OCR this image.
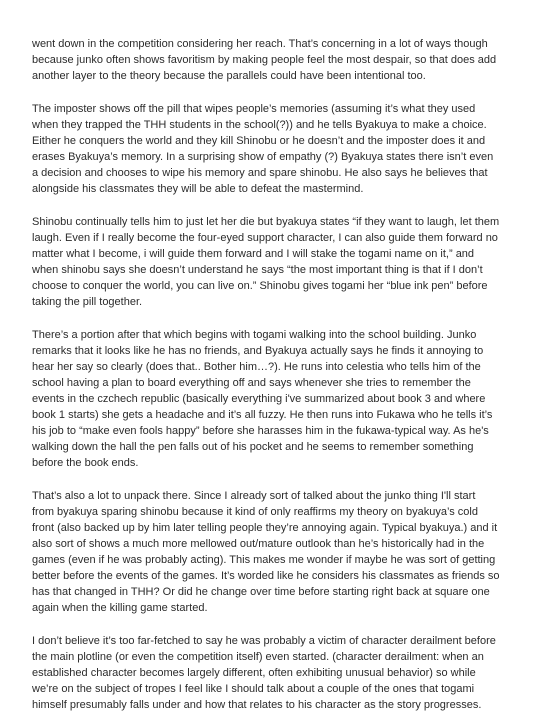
went down in the competition considering her reach. That’s concerning in a lot of ways though
because junko often shows favoritism by making people feel the most despair, so that does add
another layer to the theory because the parallels could have been intentional too.

The imposter shows off the pill that wipes people’s memories (assuming it’s what they used
when they trapped the THH students in the school(?)) and he tells Byakuya to make a choice.
Either he conquers the world and they kill Shinobu or he doesn’t and the imposter does it and
erases Byakuya’s memory. In a surprising show of empathy (?) Byakuya states there isn’t even
a decision and chooses to wipe his memory and spare shinobu. He also says he believes that
alongside his classmates they will be able to defeat the mastermind.

Shinobu continually tells him to just let her die but byakuya states “if they want to laugh, let them
laugh. Even if I really become the four-eyed support character, I can also guide them forward no
matter what I become, i will guide them forward and I will stake the togami name on it,” and
when shinobu says she doesn’t understand he says “the most important thing is that if I don’t
choose to conquer the world, you can live on.” Shinobu gives togami her “blue ink pen” before
taking the pill together.

There’s a portion after that which begins with togami walking into the school building. Junko
remarks that it looks like he has no friends, and Byakuya actually says he finds it annoying to
hear her say so clearly (does that.. Bother him…?). He runs into celestia who tells him of the
school having a plan to board everything off and says whenever she tries to remember the
events in the czchech republic (basically everything i've summarized about book 3 and where
book 1 starts) she gets a headache and it’s all fuzzy. He then runs into Fukawa who he tells it’s
his job to “make even fools happy” before she harasses him in the fukawa-typical way. As he's
walking down the hall the pen falls out of his pocket and he seems to remember something
before the book ends.

That’s also a lot to unpack there. Since I already sort of talked about the junko thing I'll start
from byakuya sparing shinobu because it kind of only reaffirms my theory on byakuya’s cold
front (also backed up by him later telling people they’re annoying again. Typical byakuya.) and it
also sort of shows a much more mellowed out/mature outlook than he’s historically had in the
games (even if he was probably acting). This makes me wonder if maybe he was sort of getting
better before the events of the games. It’s worded like he considers his classmates as friends so
has that changed in THH? Or did he change over time before starting right back at square one
again when the killing game started.

I don’t believe it’s too far-fetched to say he was probably a victim of character derailment before
the main plotline (or even the competition itself) even started. (character derailment: when an
established character becomes largely different, often exhibiting unusual behavior) so while
we’re on the subject of tropes I feel like I should talk about a couple of the ones that togami
himself presumably falls under and how that relates to his character as the story progresses.
